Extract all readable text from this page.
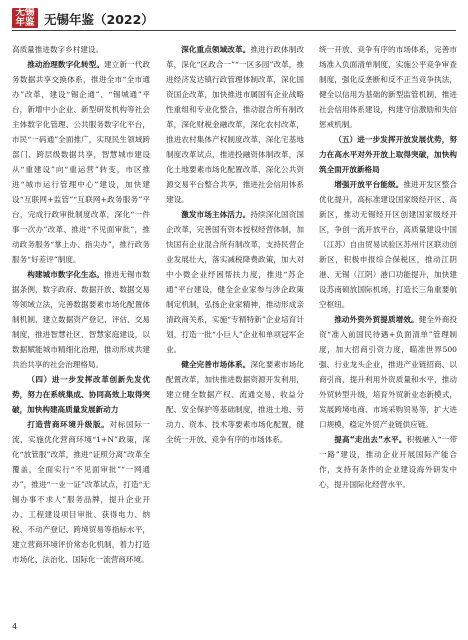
无锡
年鉴 无锡年鉴（2022）

高质量推进数字乡村建设。

推动治理数字化转型。建立新一代政务数据共享交换体系，推进全市“全市通办”改革，建设“锡企通”、“锡城通”平台，新增中小企业、新型研发机构等社会主体数字化管理、公共服务数字化平台，市民“一码通”全面推广，实现民生领域跨部门、跨层级数据共享，智慧城市建设从“重建设”向“重运营”转变，市区推进“城市运行管理中心”建设，加快建设“互联网+监管”“互联网+政务服务”平台，完成行政审批制度改革，深化“一件事一次办”改革、推进“不见面审批”，推动政务服务“掌上办、指尖办”，推行政务服务“好差评”制度。

构建城市数字化生态。推进无锡市数据条例，数字政府、数据开放、数据交易等领域立法，完善数据要素市场化配置体制机制，建立数据资产登记、评估、交易制度，推进智慧社区、智慧家庭建设，以数据赋能城市精细化治理，推动形成共建共治共享的社会治理格局。

（四）进一步发挥改革创新先发优势，努力在系统集成、协同高效上取得突破，加快构建高质量发展新动力

打造营商环境升级版。对标国际一流，实施优化营商环境“1+N”政策，深化“放管服”改革，推进“证照分离”改革全覆盖，全面实行“不见面审批”“一网通办”，推进“一业一证”改革试点，打造“无锡办事不求人”服务品牌，提升企业开办、工程建设项目审批、获得电力、纳税、不动产登记、跨境贸易等指标水平，建立营商环境评价常态化机制，着力打造市场化、法治化、国际化一流营商环境。

深化重点领域改革。推进行政体制改革，深化“区政合一”“一区多园”改革，推进经济发达镇行政管理体制改革，深化国资国企改革，加快推进市属国有企业战略性重组和专业化整合，推动混合所有制改革，深化财税金融改革，深化农村改革，推进农村集体产权制度改革，深化宅基地制度改革试点，推进投融资体制改革，深化土地要素市场化配置改革，深化公共资源交易平台整合共享，推进社会信用体系建设。

激发市场主体活力。持续深化国资国企改革，完善国有资本授权经营体制，加快国有企业混合所有制改革，支持民营企业发展壮大，落实减税降费政策，加大对中小微企业纾困帮扶力度，推进“苏企通”平台建设，健全企业家参与涉企政策制定机制，弘扬企业家精神，推动形成亲清政商关系，实施“专精特新”企业培育计划，打造一批“小巨人”企业和单项冠军企业。

健全完善市场体系。深化要素市场化配置改革，加快推进数据资源开发利用，建立健全数据产权、流通交易、收益分配、安全保护等基础制度，推进土地、劳动力、资本、技术等要素市场化配置，健全统一开放、竞争有序的市场体系。

统一开放、竞争有序的市场体系，完善市场准入负面清单制度，实施公平竞争审查制度，强化反垄断和反不正当竞争执法，健全以信用为基础的新型监管机制，推进社会信用体系建设，构建守信激励和失信惩戒机制。

（五）进一步发挥开放发展优势，努力在高水平对外开放上取得突破，加快构筑全面开放新格局

增强开放平台能级。推进开发区整合优化提升，高标准建设国家级经开区、高新区，推动无锡经开区创建国家级经开区，争创一流开放平台，高质量建设中国（江苏）自由贸易试验区苏州片区联动创新区，积极申报综合保税区，推动江阴港、无锡（江阴）港口功能提升，加快建设苏南硕放国际机场，打造长三角重要航空枢纽。

推动外资外贸提质增效。健全外商投资“准入前国民待遇+负面清单”管理制度，加大招商引资力度，瞄准世界500强、行业龙头企业，推进产业链招商、以商引商，提升利用外资质量和水平，推动外贸转型升级，培育外贸新业态新模式，发展跨境电商、市场采购贸易等，扩大进口规模，稳定外贸产业链供应链。

提高“走出去”水平。积极融入“一带一路”建设，推动企业开展国际产能合作，支持有条件的企业建设海外研发中心，提升国际化经营水平。

4
